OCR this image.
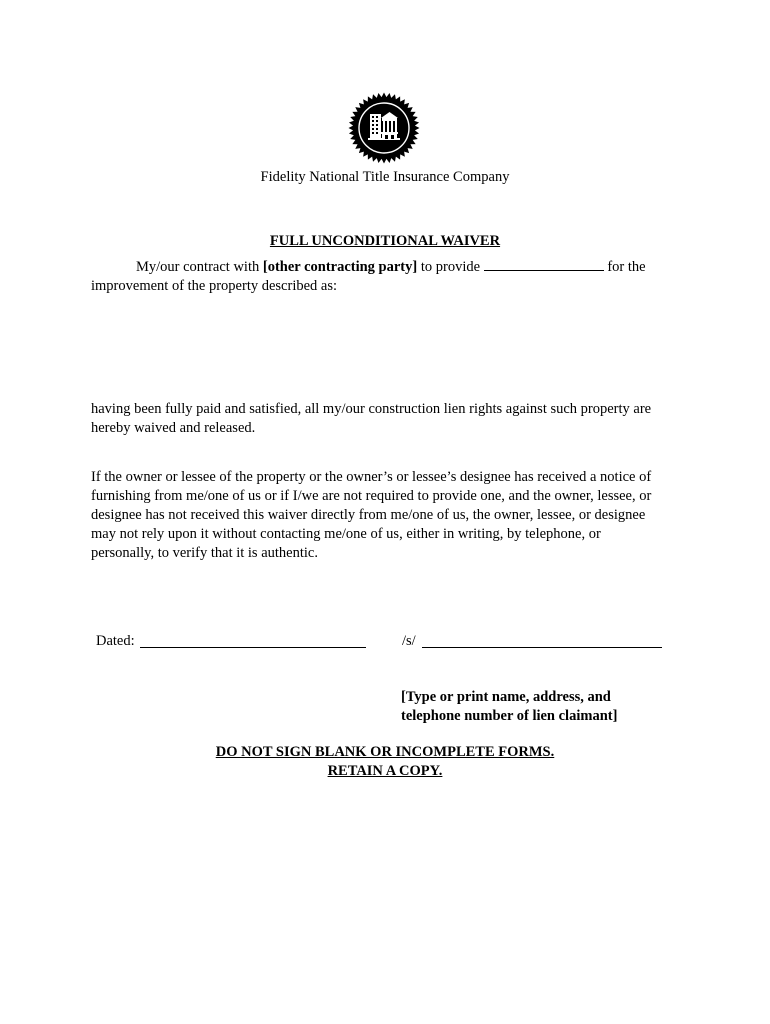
Fidelity National Title Insurance Company
FULL UNCONDITIONAL WAIVER
My/our contract with [other contracting party] to provide	for the
improvement of the property described as:
having been fully paid and satisfied, all my/our construction lien rights against such property are
hereby waived and released.
If the owner or lessee of the property or the owner’s or lessee’s designee has received a notice of
furnishing from me/one of us or if I/we are not required to provide one, and the owner, lessee, or
designee has not received this waiver directly from me/one of us, the owner, lessee, or designee
may not rely upon it without contacting me/one of us, either in writing, by telephone, or
personally, to verify that it is authentic.
Dated:	/s/
[Type or print name, address, and
telephone number of lien claimant]
DO NOT SIGN BLANK OR INCOMPLETE FORMS.
RETAIN A COPY.
